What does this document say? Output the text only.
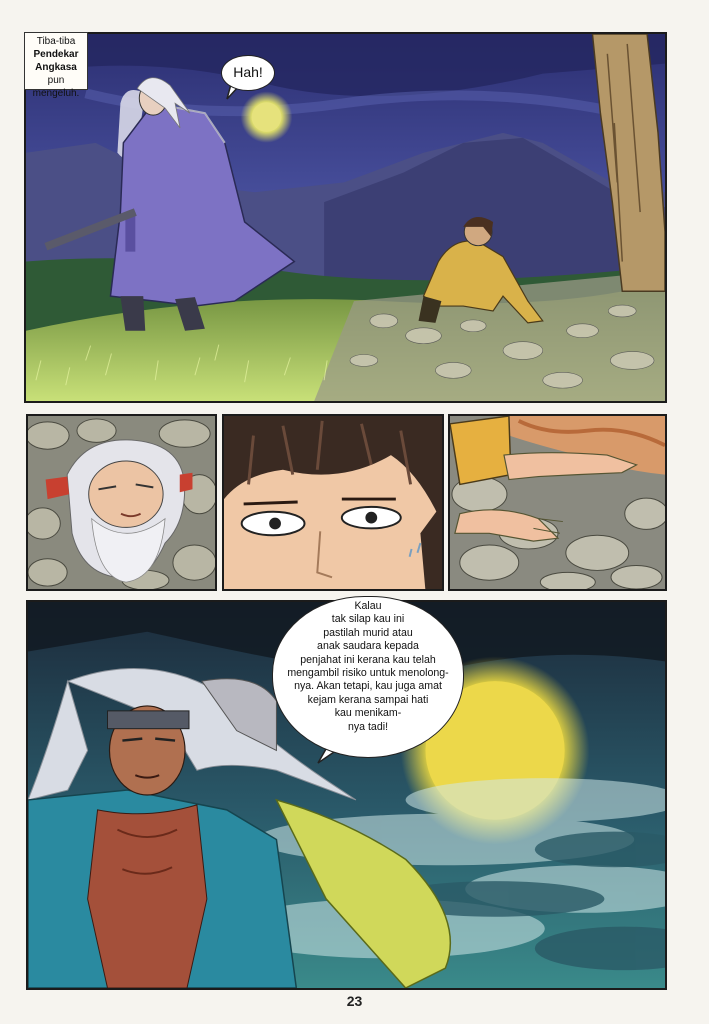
Tiba-tiba
Pendekar
Angkasa pun
mengeluh.
Hah!
Kalau
tak silap kau ini
pastilah murid atau
anak saudara kepada
penjahat ini kerana kau telah
mengambil risiko untuk menolong-
nya. Akan tetapi, kau juga amat
kejam kerana sampai hati
kau menikam-
nya tadi!
23
